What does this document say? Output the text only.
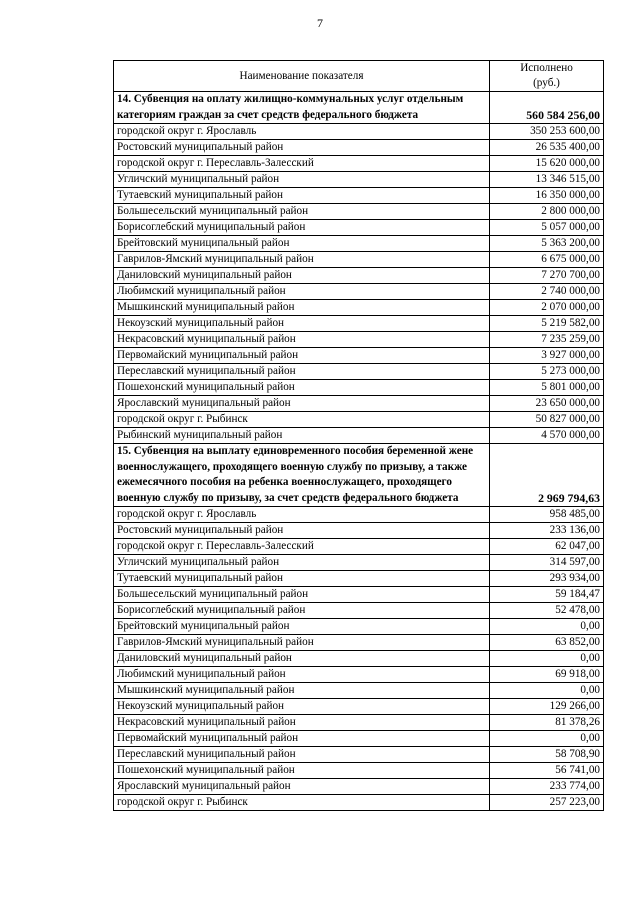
7
Наименование показателя	Исполнено
(руб.)

14. Субвенция на оплату жилищно-коммунальных услуг отдельным категориям граждан за счет средств федерального бюджета	560 584 256,00
городской округ г. Ярославль	350 253 600,00
Ростовский муниципальный район	26 535 400,00
городской округ г. Переславль-Залесский	15 620 000,00
Угличский муниципальный район	13 346 515,00
Тутаевский муниципальный район	16 350 000,00
Большесельский муниципальный район	2 800 000,00
Борисоглебский муниципальный район	5 057 000,00
Брейтовский муниципальный район	5 363 200,00
Гаврилов-Ямский муниципальный район	6 675 000,00
Даниловский муниципальный район	7 270 700,00
Любимский муниципальный район	2 740 000,00
Мышкинский муниципальный район	2 070 000,00
Некоузский муниципальный район	5 219 582,00
Некрасовский муниципальный район	7 235 259,00
Первомайский муниципальный район	3 927 000,00
Переславский муниципальный район	5 273 000,00
Пошехонский муниципальный район	5 801 000,00
Ярославский муниципальный район	23 650 000,00
городской округ г. Рыбинск	50 827 000,00
Рыбинский муниципальный район	4 570 000,00
15. Субвенция на выплату единовременного пособия беременной жене военнослужащего, проходящего военную службу по призыву, а также ежемесячного пособия на ребенка военнослужащего, проходящего военную службу по призыву, за счет средств федерального бюджета	2 969 794,63
городской округ г. Ярославль	958 485,00
Ростовский муниципальный район	233 136,00
городской округ г. Переславль-Залесский	62 047,00
Угличский муниципальный район	314 597,00
Тутаевский муниципальный район	293 934,00
Большесельский муниципальный район	59 184,47
Борисоглебский муниципальный район	52 478,00
Брейтовский муниципальный район	0,00
Гаврилов-Ямский муниципальный район	63 852,00
Даниловский муниципальный район	0,00
Любимский муниципальный район	69 918,00
Мышкинский муниципальный район	0,00
Некоузский муниципальный район	129 266,00
Некрасовский муниципальный район	81 378,26
Первомайский муниципальный район	0,00
Переславский муниципальный район	58 708,90
Пошехонский муниципальный район	56 741,00
Ярославский муниципальный район	233 774,00
городской округ г. Рыбинск	257 223,00
